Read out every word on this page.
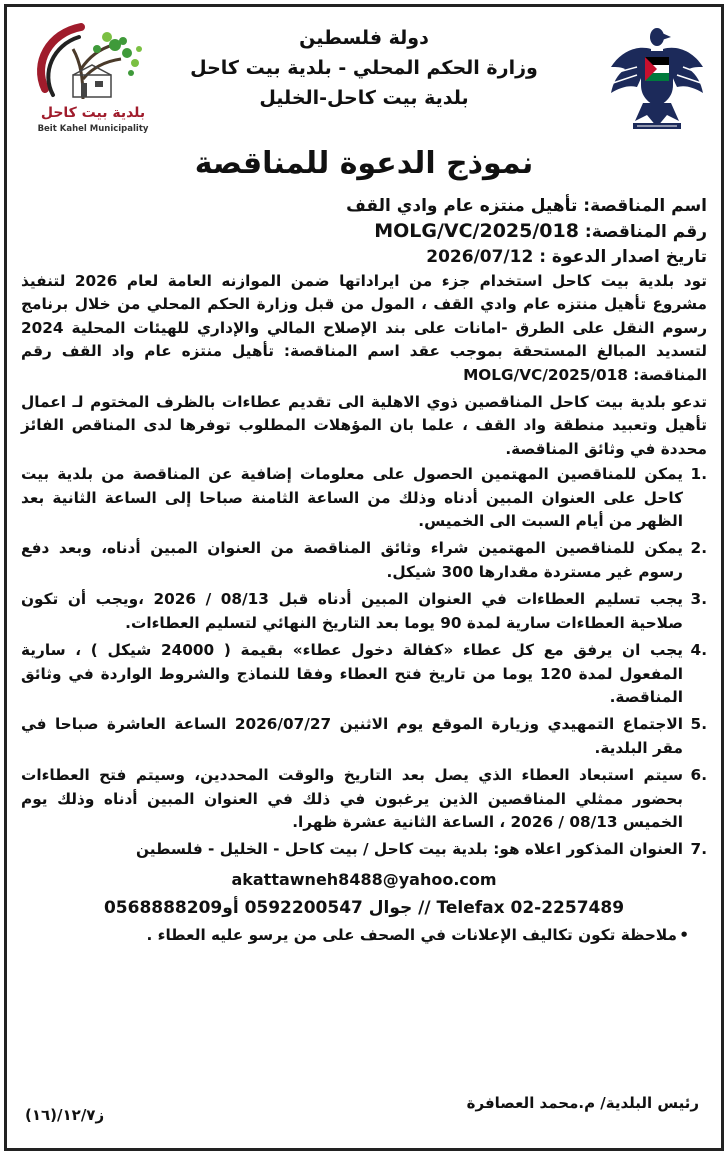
دولة فلسطين
وزارة الحكم المحلي - بلدية بيت كاحل
بلدية بيت كاحل-الخليل
بلدية بيت كاحل
Beit Kahel Municipality
نموذج الدعوة للمناقصة
اسم المناقصة: تأهيل منتزه عام وادي القف
رقم المناقصة: MOLG/VC/2025/018
تاريخ اصدار الدعوة : 2026/07/12

تود بلدية بيت كاحل استخدام جزء من ايراداتها ضمن الموازنه العامة لعام 2026 لتنفيذ مشروع تأهيل منتزه عام وادي القف ، المول من قبل وزارة الحكم المحلي من خلال برنامج رسوم النقل على الطرق -امانات على بند الإصلاح المالي والإداري للهيئات المحلية 2024 لتسديد المبالغ المستحقة بموجب عقد اسم المناقصة: تأهيل منتزه عام واد القف رقم المناقصة: MOLG/VC/2025/018

تدعو بلدية بيت كاحل المناقصين ذوي الاهلية الى تقديم عطاءات بالظرف المختوم لـ اعمال تأهيل وتعبيد منطقة واد القف ، علما بان المؤهلات المطلوب توفرها لدى المناقص الفائز محددة في وثائق المناقصة.

.1
يمكن للمناقصين المهتمين الحصول على معلومات إضافية عن المناقصة من بلدية بيت كاحل على العنوان المبين أدناه وذلك من الساعة الثامنة صباحا إلى الساعة الثانية بعد الظهر من أيام السبت الى الخميس.
.2
يمكن للمناقصين المهتمين شراء وثائق المناقصة من العنوان المبين أدناه، وبعد دفع رسوم غير مستردة مقدارها 300 شيكل.
.3
يجب تسليم العطاءات في العنوان المبين أدناه قبل 08/13 / 2026 ،ويجب أن تكون صلاحية العطاءات سارية لمدة 90 يوما بعد التاريخ النهائي لتسليم العطاءات.
.4
يجب ان يرفق مع كل عطاء «كفالة دخول عطاء» بقيمة ( 24000 شيكل ) ، سارية المفعول لمدة 120 يوما من تاريخ فتح العطاء وفقا للنماذج والشروط الواردة في وثائق المناقصة.
.5
الاجتماع التمهيدي وزيارة الموقع يوم الاثنين 2026/07/27 الساعة العاشرة صباحا في مقر البلدية.
.6
سيتم استبعاد العطاء الذي يصل بعد التاريخ والوقت المحددين، وسيتم فتح العطاءات بحضور ممثلي المناقصين الذين يرغبون في ذلك في العنوان المبين أدناه وذلك يوم الخميس 08/13 / 2026 ، الساعة الثانية عشرة ظهرا.
.7
العنوان المذكور اعلاه هو: بلدية بيت كاحل / بيت كاحل - الخليل - فلسطين
akattawneh8488@yahoo.com
Telefax 02-2257489 // جوال 0592200547 أو0568888209
•
ملاحظة تكون تكاليف الإعلانات في الصحف على من يرسو عليه العطاء .
رئيس البلدية/ م.محمد العصافرة
ز١٢/٧/(١٦)
